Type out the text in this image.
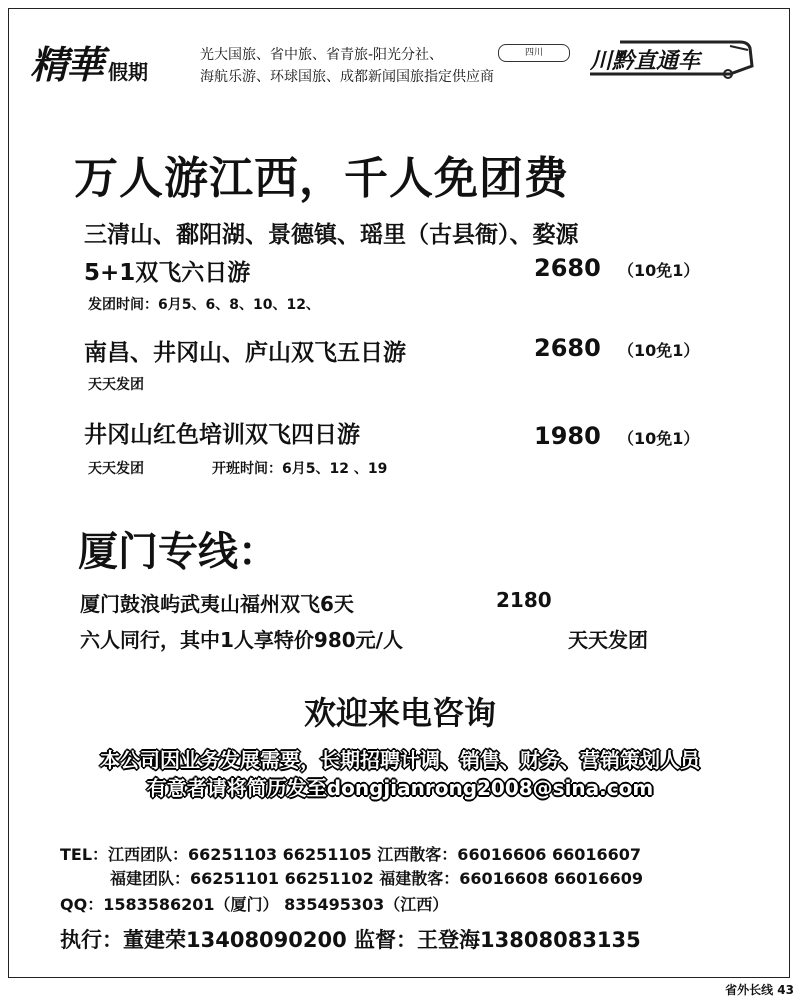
精華 假期
光大国旅、省中旅、省青旅-阳光分社、
海航乐游、环球国旅、成都新闻国旅指定供应商
四川	川黔直通车
万人游江西，千人免团费
三清山、鄱阳湖、景德镇、瑶里（古县衙）、婺源
5+1双飞六日游	2680 （10免1）
发团时间：6月5、6、8、10、12、
南昌、井冈山、庐山双飞五日游	2680 （10免1）
天天发团
井冈山红色培训双飞四日游	1980 （10免1）
天天发团	开班时间：6月5、12 、19
厦门专线：
厦门鼓浪屿武夷山福州双飞6天	2180
六人同行，其中1人享特价980元/人	天天发团
欢迎来电咨询
本公司因业务发展需要，长期招聘计调、销售、财务、营销策划人员
有意者请将简历发至dongjianrong2008@sina.com
TEL：江西团队：66251103 66251105 江西散客：66016606 66016607
福建团队：66251101 66251102 福建散客：66016608 66016609
QQ：1583586201（厦门） 835495303（江西）
执行：董建荣13408090200 监督：王登海13808083135
省外长线 43
